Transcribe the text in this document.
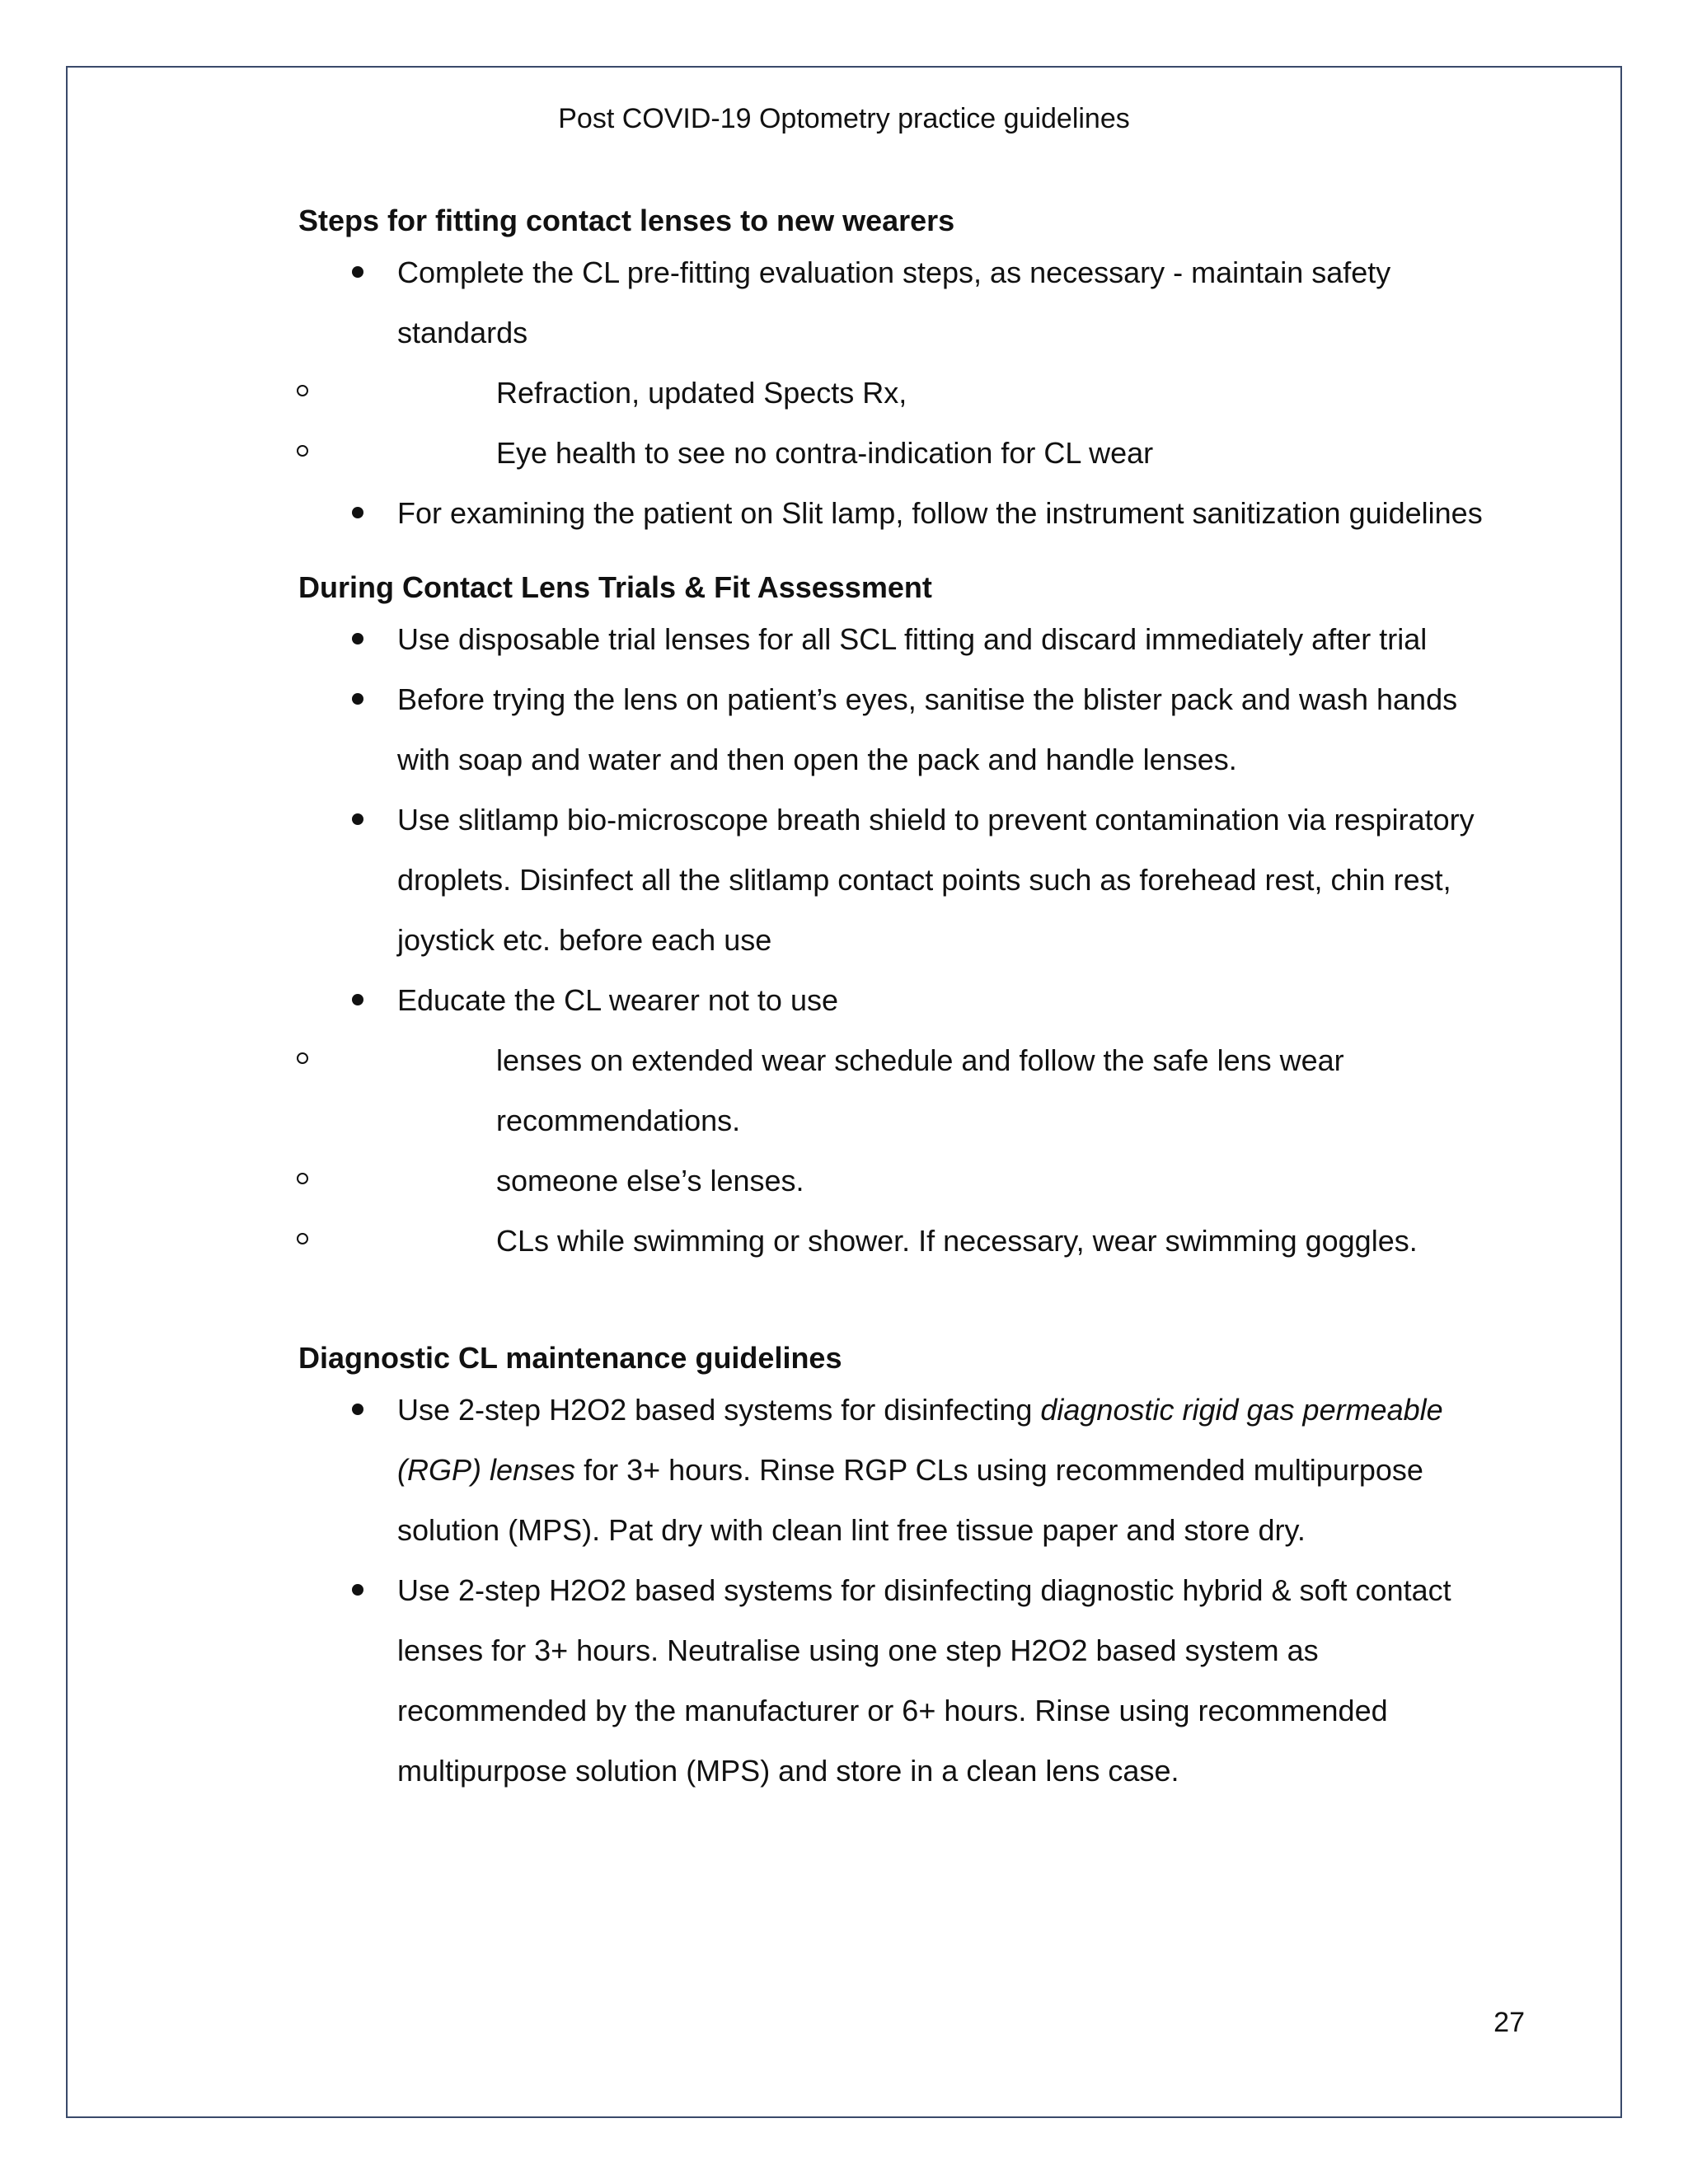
Post COVID-19 Optometry practice guidelines
Steps for fitting contact lenses to new wearers
Complete the CL pre-fitting evaluation steps, as necessary - maintain safety standards
Refraction, updated Spects Rx,
Eye health to see no contra-indication for CL wear
For examining the patient on Slit lamp, follow the instrument sanitization guidelines
During Contact Lens Trials & Fit Assessment
Use disposable trial lenses for all SCL fitting and discard immediately after trial
Before trying the lens on patient’s eyes, sanitise the blister pack and wash hands with soap and water and then open the pack and handle lenses.
Use slitlamp bio-microscope breath shield to prevent contamination via respiratory droplets. Disinfect all the slitlamp contact points such as forehead rest, chin rest, joystick etc. before each use
Educate the CL wearer not to use
lenses on extended wear schedule and follow the safe lens wear recommendations.
someone else’s lenses.
CLs while swimming or shower. If necessary, wear swimming goggles.
Diagnostic CL maintenance guidelines
Use 2-step H2O2 based systems for disinfecting diagnostic rigid gas permeable (RGP) lenses for 3+ hours. Rinse RGP CLs using recommended multipurpose solution (MPS). Pat dry with clean lint free tissue paper and store dry.
Use 2-step H2O2 based systems for disinfecting diagnostic hybrid & soft contact lenses for 3+ hours. Neutralise using one step H2O2 based system as recommended by the manufacturer or 6+ hours. Rinse using recommended multipurpose solution (MPS) and store in a clean lens case.
27
